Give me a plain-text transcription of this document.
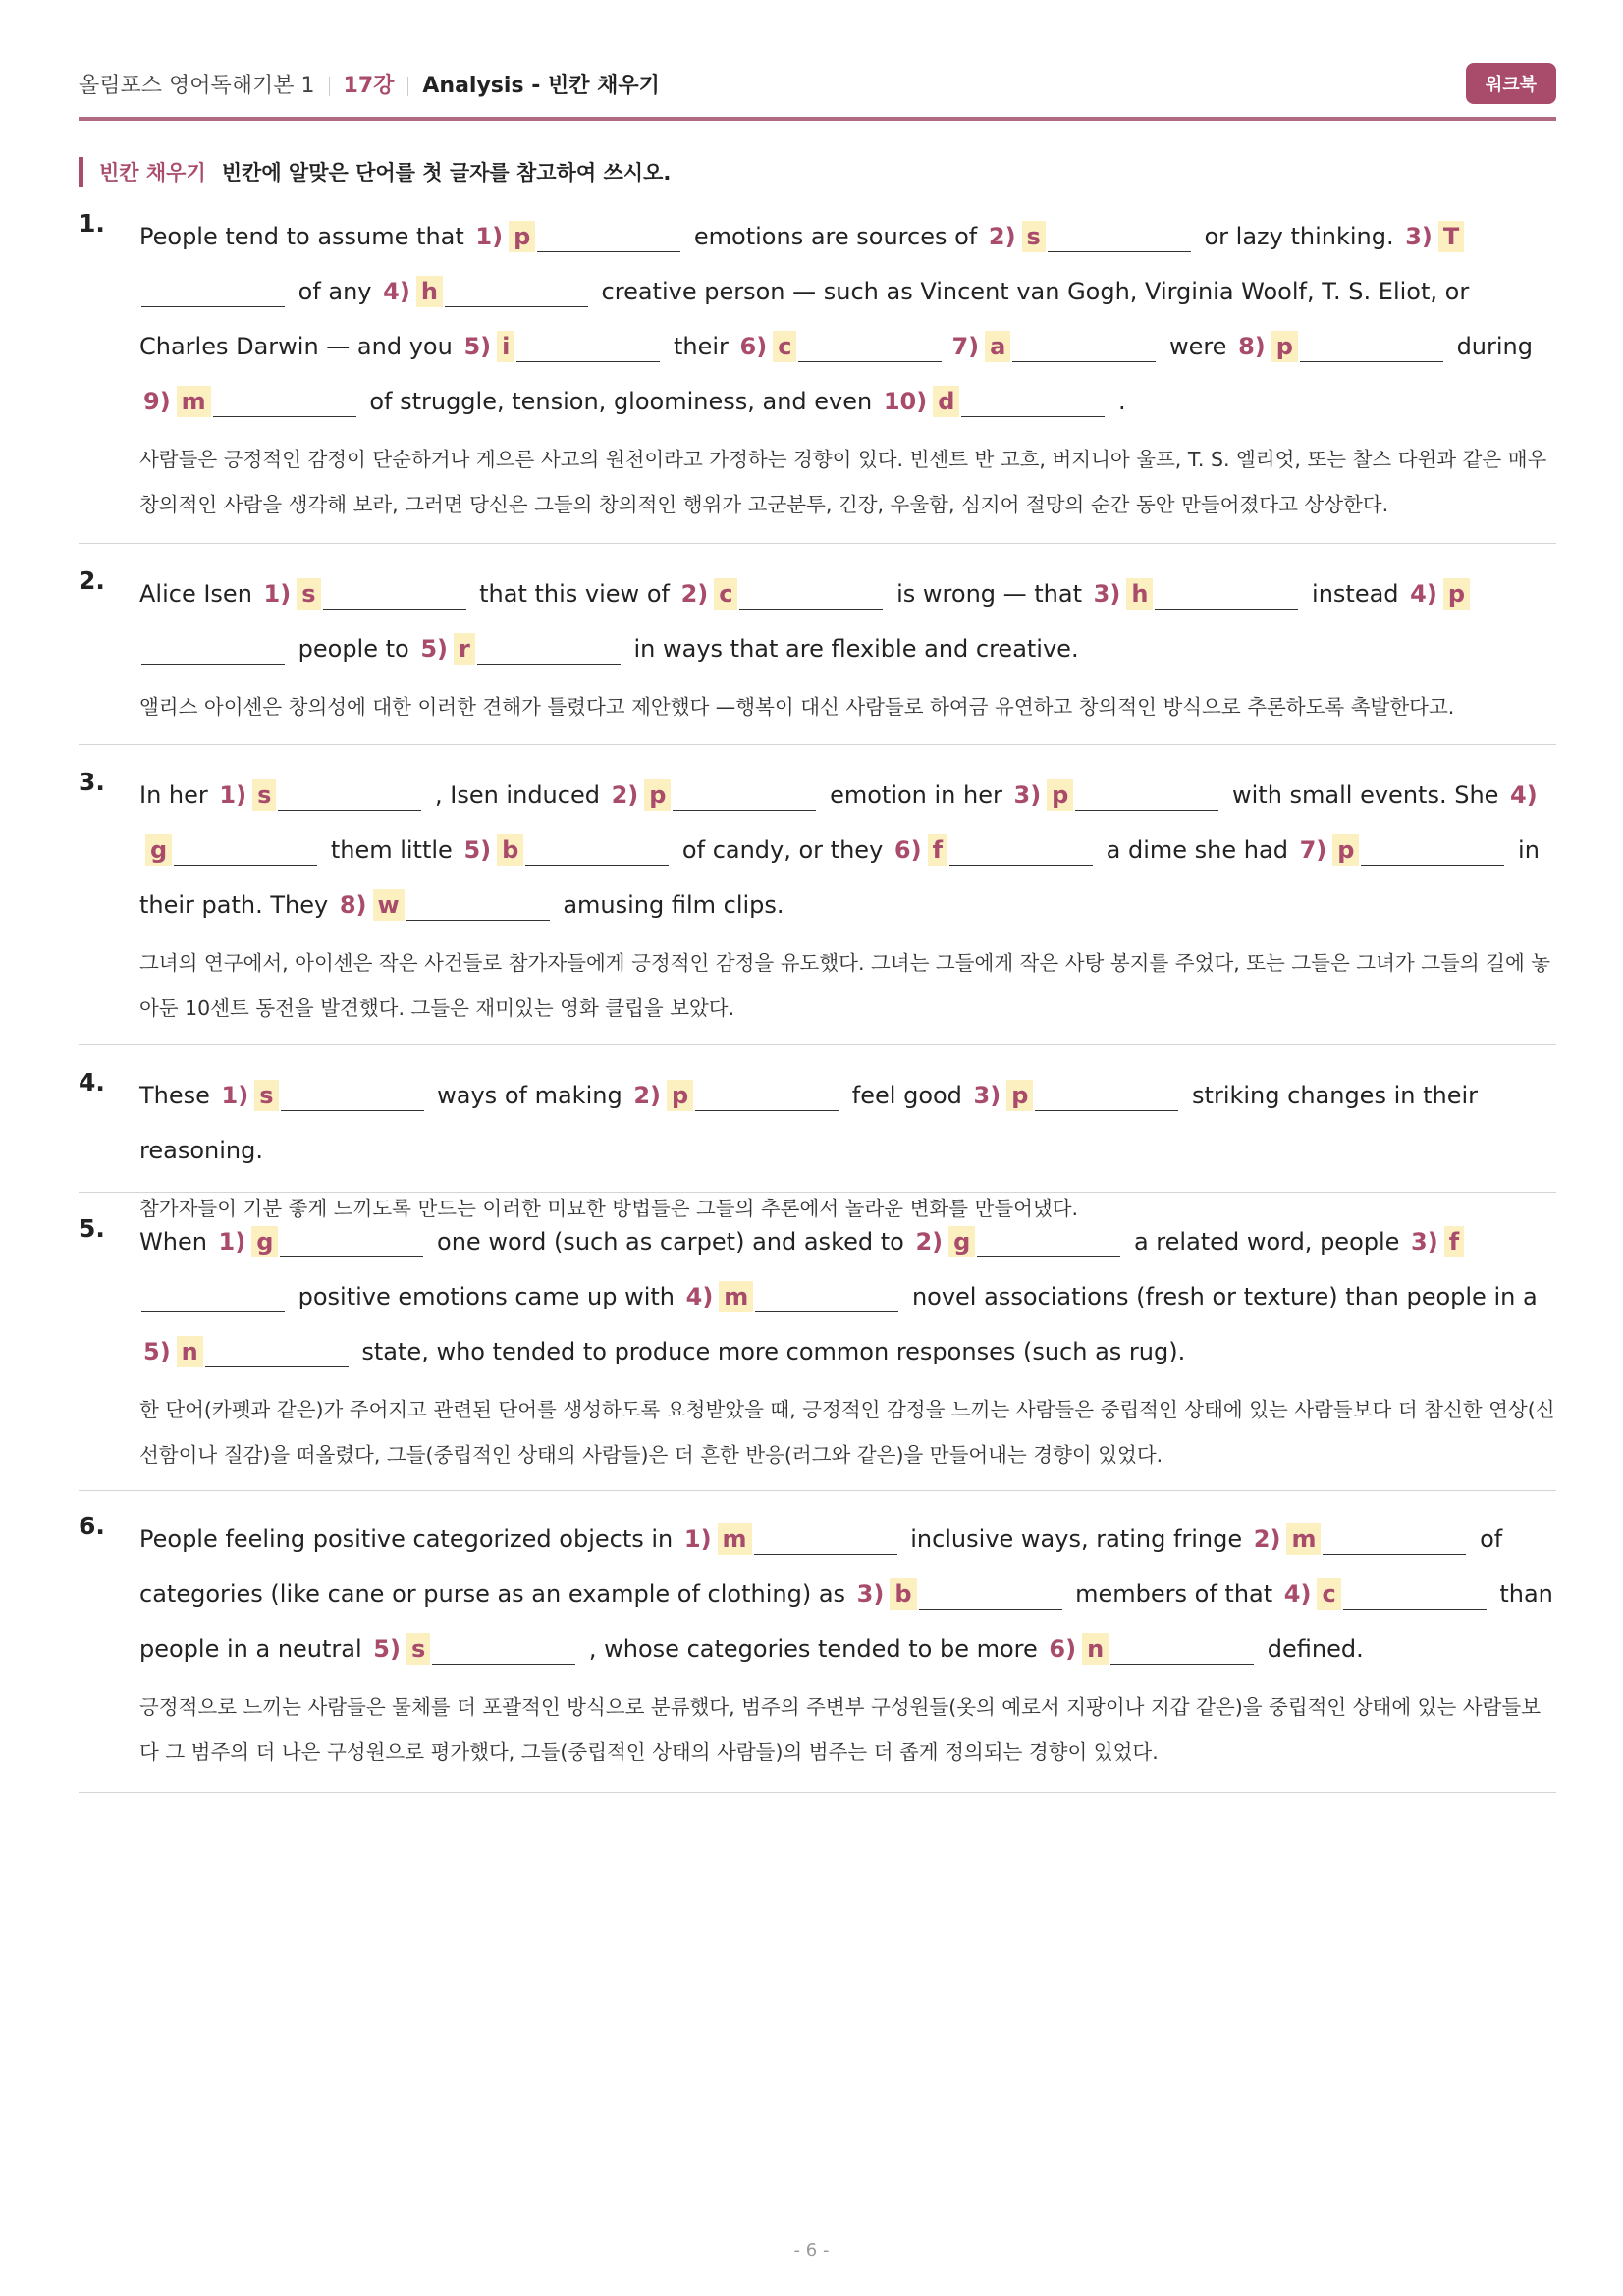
올림포스 영어독해기본 1 17강 Analysis - 빈칸 채우기	워크북
빈칸 채우기 빈칸에 알맞은 단어를 첫 글자를 참고하여 쓰시오.
1. People tend to assume that 1) p	emotions are sources of 2) s	or lazy thinking. 3) T of any 4) h	creative person — such as Vincent van Gogh, Virginia Woolf, T. S. Eliot, or Charles Darwin — and you 5) i	their 6) c	7) a	were 8) p	during 9) m	of struggle, tension, gloominess, and even 10) d	.
사람들은 긍정적인 감정이 단순하거나 게으른 사고의 원천이라고 가정하는 경향이 있다. 빈센트 반 고흐, 버지니아 울프, T. S. 엘리엇, 또는 찰스 다윈과 같은 매우 창의적인 사람을 생각해 보라, 그러면 당신은 그들의 창의적인 행위가 고군분투, 긴장, 우울함, 심지어 절망의 순간 동안 만들어졌다고 상상한다.
2. Alice Isen 1) s	that this view of 2) c	is wrong — that 3) h	instead 4) p people to 5) r	in ways that are flexible and creative.
앨리스 아이센은 창의성에 대한 이러한 견해가 틀렸다고 제안했다 —행복이 대신 사람들로 하여금 유연하고 창의적인 방식으로 추론하도록 촉발한다고.
3. In her 1) s	, Isen induced 2) p	emotion in her 3) p	with small events. She 4)g	them little 5) b	of candy, or they 6) f	a dime she had 7) p	in their path. They 8) w	amusing film clips.
그녀의 연구에서, 아이센은 작은 사건들로 참가자들에게 긍정적인 감정을 유도했다. 그녀는 그들에게 작은 사탕 봉지를 주었다, 또는 그들은 그녀가 그들의 길에 놓아둔 10센트 동전을 발견했다. 그들은 재미있는 영화 클립을 보았다.
4. These 1) s	ways of making 2) p	feel good 3) p	striking changes in their reasoning.
참가자들이 기분 좋게 느끼도록 만드는 이러한 미묘한 방법들은 그들의 추론에서 놀라운 변화를 만들어냈다.
5. When 1) g	one word (such as carpet) and asked to 2) g	a related word, people 3) f positive emotions came up with 4) m	novel associations (fresh or texture) than people in a 5) n	state, who tended to produce more common responses (such as rug).
한 단어(카펫과 같은)가 주어지고 관련된 단어를 생성하도록 요청받았을 때, 긍정적인 감정을 느끼는 사람들은 중립적인 상태에 있는 사람들보다 더 참신한 연상(신선함이나 질감)을 떠올렸다, 그들(중립적인 상태의 사람들)은 더 흔한 반응(러그와 같은)을 만들어내는 경향이 있었다.
6. People feeling positive categorized objects in 1) m	inclusive ways, rating fringe 2) m	of categories (like cane or purse as an example of clothing) as 3) b	members of that 4) c	than people in a neutral 5) s	, whose categories tended to be more 6) n	defined.
긍정적으로 느끼는 사람들은 물체를 더 포괄적인 방식으로 분류했다, 범주의 주변부 구성원들(옷의 예로서 지팡이나 지갑 같은)을 중립적인 상태에 있는 사람들보다 그 범주의 더 나은 구성원으로 평가했다, 그들(중립적인 상태의 사람들)의 범주는 더 좁게 정의되는 경향이 있었다.
- 6 -
